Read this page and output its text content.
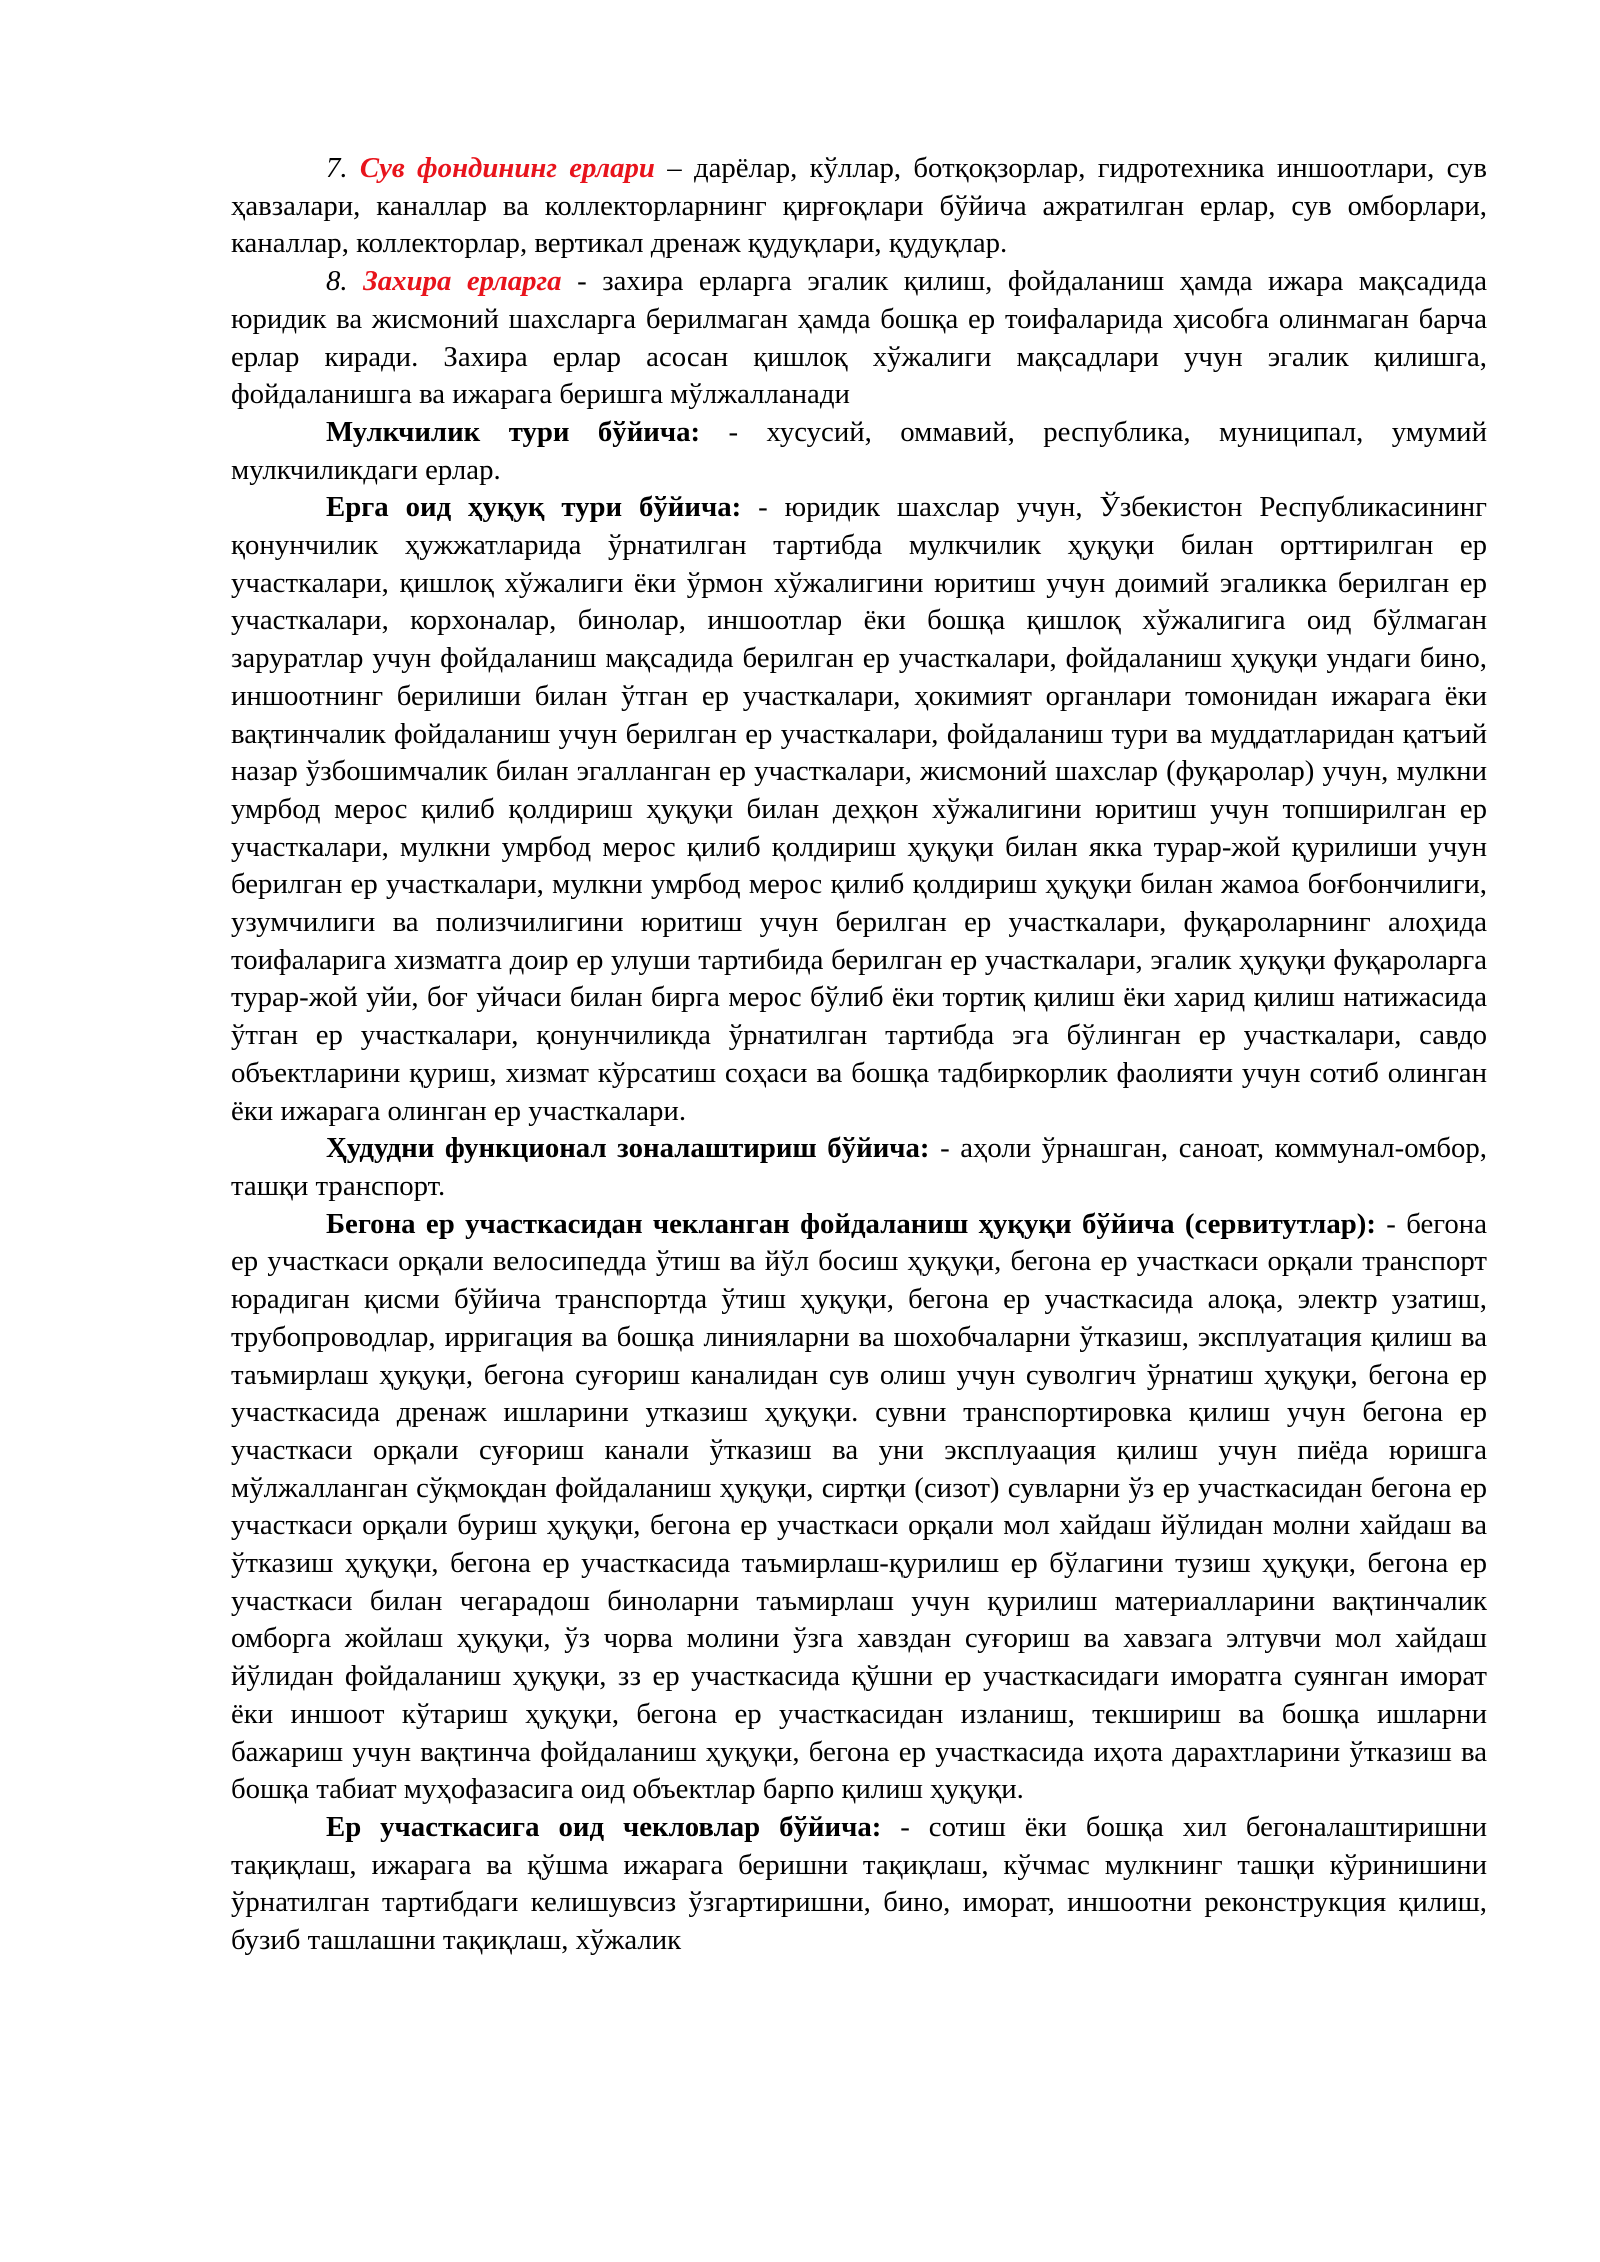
7. Сув фондининг ерлари – дарёлар, кўллар, ботқоқзорлар, гидротехника иншоотлари, сув ҳавзалари, каналлар ва коллекторларнинг қирғоқлари бўйича ажратилган ерлар, сув омборлари, каналлар, коллекторлар, вертикал дренаж қудуқлари, қудуқлар.

8. Захира ерларга - захира ерларга эгалик қилиш, фойдаланиш ҳамда ижара мақсадида юридик ва жисмоний шахсларга берилмаган ҳамда бошқа ер тоифаларида ҳисобга олинмаган барча ерлар киради. Захира ерлар асосан қишлоқ хўжалиги мақсадлари учун эгалик қилишга, фойдаланишга ва ижарага беришга мўлжалланади

Мулкчилик тури бўйича: - хусусий, оммавий, республика, муниципал, умумий мулкчиликдаги ерлар.

Ерга оид ҳуқуқ тури бўйича: - юридик шахслар учун, Ўзбекистон Республикасининг қонунчилик ҳужжатларида ўрнатилган тартибда мулкчилик ҳуқуқи билан орттирилган ер участкалари, қишлоқ хўжалиги ёки ўрмон хўжалигини юритиш учун доимий эгаликка берилган ер участкалари, корхоналар, бинолар, иншоотлар ёки бошқа қишлоқ хўжалигига оид бўлмаган заруратлар учун фойдаланиш мақсадида берилган ер участкалари, фойдаланиш ҳуқуқи ундаги бино, иншоотнинг берилиши билан ўтган ер участкалари, ҳокимият органлари томонидан ижарага ёки вақтинчалик фойдаланиш учун берилган ер участкалари, фойдаланиш тури ва муддатларидан қатъий назар ўзбошимчалик билан эгалланган ер участкалари, жисмоний шахслар (фуқаролар) учун, мулкни умрбод мерос қилиб қолдириш ҳуқуқи билан деҳқон хўжалигини юритиш учун топширилган ер участкалари, мулкни умрбод мерос қилиб қолдириш ҳуқуқи билан якка турар-жой қурилиши учун берилган ер участкалари, мулкни умрбод мерос қилиб қолдириш ҳуқуқи билан жамоа боғбончилиги, узумчилиги ва полизчилигини юритиш учун берилган ер участкалари, фуқароларнинг алоҳида тоифаларига хизматга доир ер улуши тартибида берилган ер участкалари, эгалик ҳуқуқи фуқароларга турар-жой уйи, боғ уйчаси билан бирга мерос бўлиб ёки тортиқ қилиш ёки харид қилиш натижасида ўтган ер участкалари, қонунчиликда ўрнатилган тартибда эга бўлинган ер участкалари, савдо объектларини қуриш, хизмат кўрсатиш соҳаси ва бошқа тадбиркорлик фаолияти учун сотиб олинган ёки ижарага олинган ер участкалари.

Ҳудудни функционал зоналаштириш бўйича: - аҳоли ўрнашган, саноат, коммунал-омбор, ташқи транспорт.

Бегона ер участкасидан чекланган фойдаланиш ҳуқуқи бўйича (сервитутлар): - бегона ер участкаси орқали велосипедда ўтиш ва йўл босиш ҳуқуқи, бегона ер участкаси орқали транспорт юрадиган қисми бўйича транспортда ўтиш ҳуқуқи, бегона ер участкасида алоқа, электр узатиш, трубопроводлар, ирригация ва бошқа линияларни ва шохобчаларни ўтказиш, эксплуатация қилиш ва таъмирлаш ҳуқуқи, бегона суғориш каналидан сув олиш учун суволгич ўрнатиш ҳуқуқи, бегона ер участкасида дренаж ишларини утказиш ҳуқуқи. сувни транспортировка қилиш учун бегона ер участкаси орқали суғориш канали ўтказиш ва уни эксплуаация қилиш учун пиёда юришга мўлжалланган сўқмоқдан фойдаланиш ҳуқуқи, сиртқи (сизот) сувларни ўз ер участкасидан бегона ер участкаси орқали буриш ҳуқуқи, бегона ер участкаси орқали мол хайдаш йўлидан молни хайдаш ва ўтказиш ҳуқуқи, бегона ер участкасида таъмирлаш-қурилиш ер бўлагини тузиш ҳуқуқи, бегона ер участкаси билан чегарадош биноларни таъмирлаш учун қурилиш материалларини вақтинчалик омборга жойлаш ҳуқуқи, ўз чорва молини ўзга хавздан суғориш ва хавзага элтувчи мол хайдаш йўлидан фойдаланиш ҳуқуқи, зз ер участкасида қўшни ер участкасидаги иморатга суянган иморат ёки иншоот кўтариш ҳуқуқи, бегона ер участкасидан изланиш, текшириш ва бошқа ишларни бажариш учун вақтинча фойдаланиш ҳуқуқи, бегона ер участкасида иҳота дарахтларини ўтказиш ва бошқа табиат муҳофазасига оид объектлар барпо қилиш ҳуқуқи.

Ер участкасига оид чекловлар бўйича: - сотиш ёки бошқа хил бегоналаштиришни тақиқлаш, ижарага ва қўшма ижарага беришни тақиқлаш, кўчмас мулкнинг ташқи кўринишини ўрнатилган тартибдаги келишувсиз ўзгартиришни, бино, иморат, иншоотни реконструкция қилиш, бузиб ташлашни тақиқлаш, хўжалик
